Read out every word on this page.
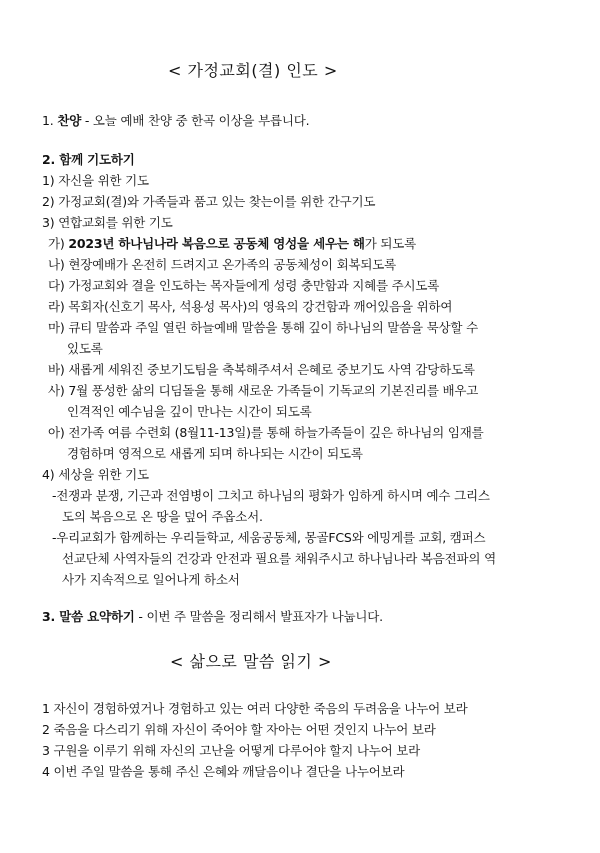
< 가정교회(결) 인도 >
1. 찬양 - 오늘 예배 찬양 중 한곡 이상을 부릅니다.
2. 함께 기도하기
1) 자신을 위한 기도
2) 가정교회(결)와 가족들과 품고 있는 찾는이를 위한 간구기도
3) 연합교회를 위한 기도
가) 2023년 하나님나라 복음으로 공동체 영성을 세우는 해가 되도록
나) 현장예배가 온전히 드려지고 온가족의 공동체성이 회복되도록
다) 가정교회와 결을 인도하는 목자들에게 성령 충만함과 지혜를 주시도록
라) 목회자(신호기 목사, 석용성 목사)의 영육의 강건함과 깨어있음을 위하여
마) 큐티 말씀과 주일 열린 하늘예배 말씀을 통해 깊이 하나님의 말씀을 묵상할 수
있도록
바) 새롭게 세워진 중보기도팀을 축복해주셔서 은혜로 중보기도 사역 감당하도록
사) 7월 풍성한 삶의 디딤돌을 통해 새로운 가족들이 기독교의 기본진리를 배우고
인격적인 예수님을 깊이 만나는 시간이 되도록
아) 전가족 여름 수련회 (8월11-13일)를 통해 하늘가족들이 깊은 하나님의 임재를
경험하며 영적으로 새롭게 되며 하나되는 시간이 되도록
4) 세상을 위한 기도
-전쟁과 분쟁, 기근과 전염병이 그치고 하나님의 평화가 임하게 하시며 예수 그리스
도의 복음으로 온 땅을 덮어 주옵소서.
-우리교회가 함께하는 우리들학교, 세움공동체, 몽골FCS와 에밍게를 교회, 캠퍼스
선교단체 사역자들의 건강과 안전과 필요를 채워주시고 하나님나라 복음전파의 역
사가 지속적으로 일어나게 하소서
3. 말씀 요약하기 - 이번 주 말씀을 정리해서 발표자가 나눕니다.
< 삶으로 말씀 읽기 >
1 자신이 경험하였거나 경험하고 있는 여러 다양한 죽음의 두려움을 나누어 보라
2 죽음을 다스리기 위해 자신이 죽어야 할 자아는 어떤 것인지 나누어 보라
3 구원을 이루기 위해 자신의 고난을 어떻게 다루어야 할지 나누어 보라
4 이번 주일 말씀을 통해 주신 은혜와 깨달음이나 결단을 나누어보라
